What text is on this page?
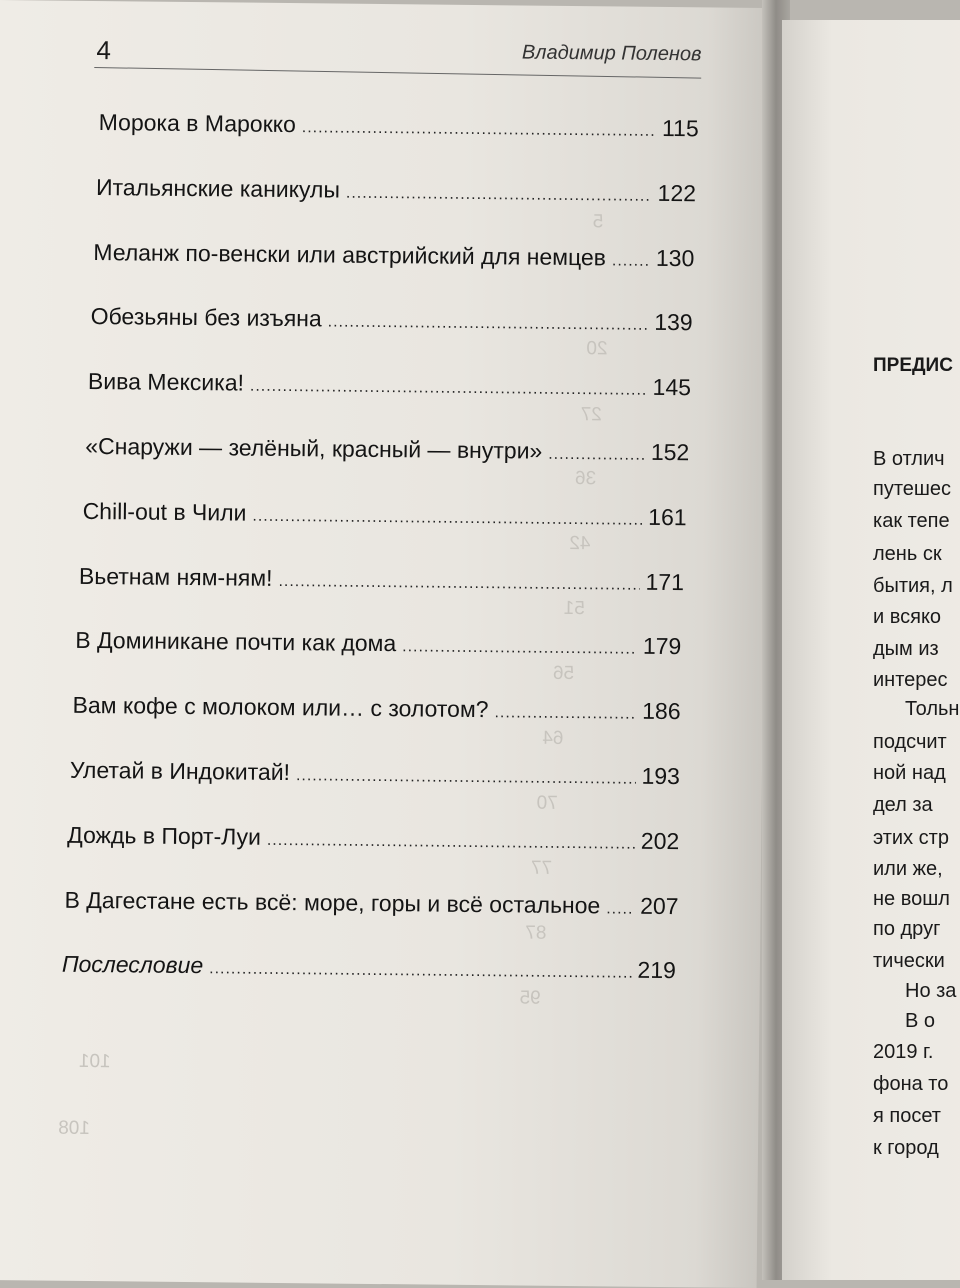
4	Владимир Поленов
5
20
27
36
42
51
56
64
70
77
87
95
101
108
Морока в Марокко .....	115
Итальянские каникулы .....	122
Меланж по-венски или австрийский для немцев ..... 130
Обезьяны без изъяна .....	139
Вива Мексика! .....	145
«Снаружи — зелёный, красный — внутри» .....	152
Chill-out в Чили .....	161
Вьетнам ням-ням! .....	171
В Доминикане почти как дома .....	179
Вам кофе с молоком или… с золотом? .....	186
Улетай в Индокитай! .....	193
Дождь в Порт-Луи .....	202
В Дагестане есть всё: море, горы и всё остальное ..... 207
Послесловие .....	219
ПРЕДИС
В отлич
путешес
как тепе
лень ск
бытия, л
и всяко
дым из
интерес
Тольн
подсчит
ной над
дел за
этих стр
или же,
не вошл
по друг
тически
Но за
В о
2019 г.
фона то
я посет
к город
